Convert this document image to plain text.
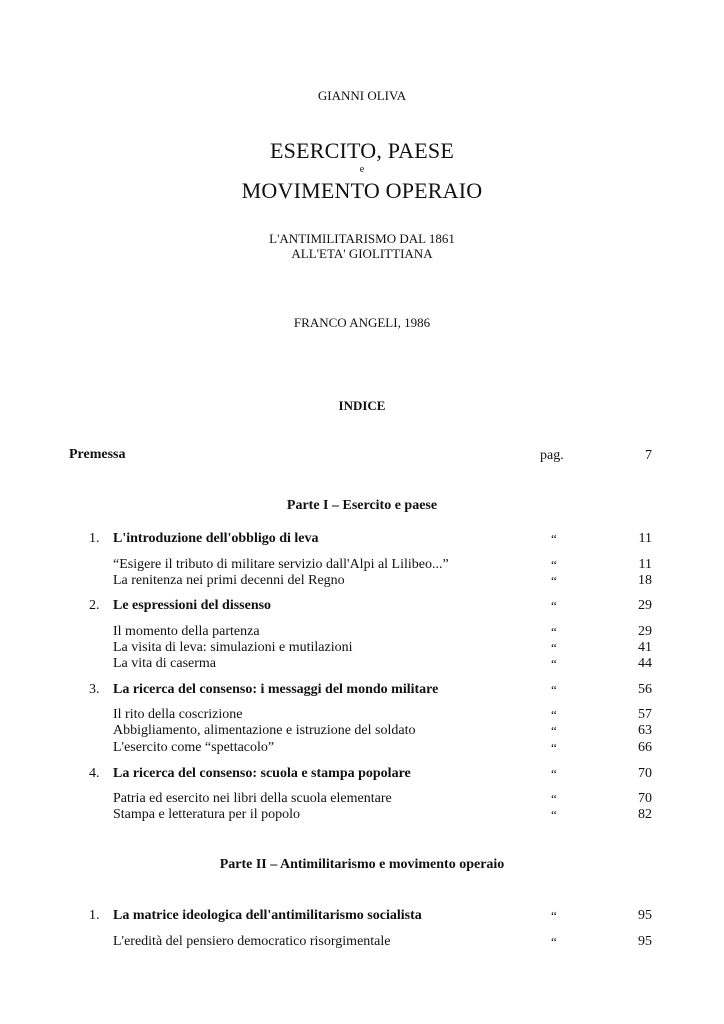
GIANNI OLIVA
ESERCITO, PAESE
e
MOVIMENTO OPERAIO
L'ANTIMILITARISMO DAL 1861
ALL'ETA' GIOLITTIANA
FRANCO ANGELI, 1986
INDICE
Premessa	pag.	7
Parte I – Esercito e paese
1. L'introduzione dell'obbligo di leva	“	11
“Esigere il tributo di militare servizio dall'Alpi al Lilibeo...”	“	11
La renitenza nei primi decenni del Regno	“	18
2. Le espressioni del dissenso	“	29
Il momento della partenza	“	29
La visita di leva: simulazioni e mutilazioni	“	41
La vita di caserma	“	44
3. La ricerca del consenso: i messaggi del mondo militare	“	56
Il rito della coscrizione	“	57
Abbigliamento, alimentazione e istruzione del soldato	“	63
L'esercito come “spettacolo”	“	66
4. La ricerca del consenso: scuola e stampa popolare	“	70
Patria ed esercito nei libri della scuola elementare	“	70
Stampa e letteratura per il popolo	“	82
Parte II – Antimilitarismo e movimento operaio
1. La matrice ideologica dell'antimilitarismo socialista	“	95
L'eredità del pensiero democratico risorgimentale	“	95
